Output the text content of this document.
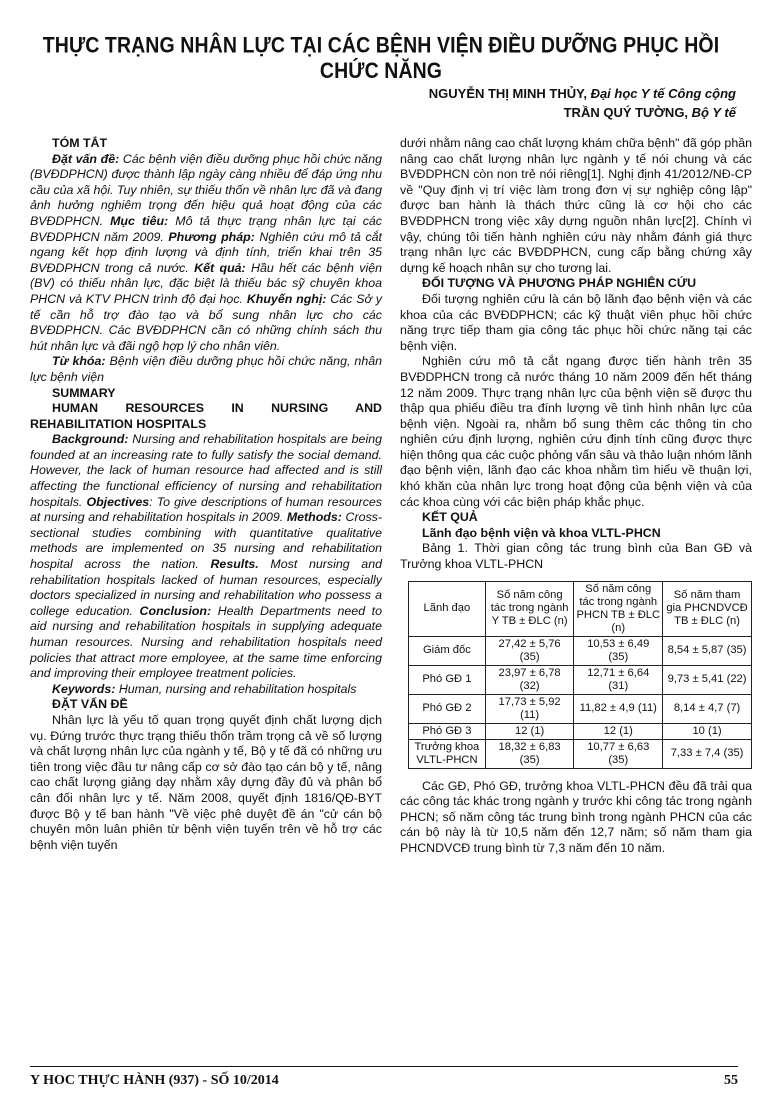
THỰC TRẠNG NHÂN LỰC TẠI CÁC BỆNH VIỆN ĐIỀU DƯỠNG PHỤC HỒI CHỨC NĂNG
NGUYỄN THỊ MINH THỦY, Đại học Y tế Công cộng
TRẦN QUÝ TƯỜNG, Bộ Y tế

TÓM TẮT

Đặt vấn đề: Các bệnh viện điều dưỡng phục hồi chức năng (BVĐDPHCN) được thành lập ngày càng nhiều để đáp ứng nhu cầu của xã hội. Tuy nhiên, sự thiếu thốn về nhân lực đã và đang ảnh hưởng nghiêm trọng đến hiệu quả hoạt động của các BVĐDPHCN. Mục tiêu: Mô tả thực trạng nhân lực tại các BVĐDPHCN năm 2009. Phương pháp: Nghiên cứu mô tả cắt ngang kết hợp định lượng và định tính, triển khai trên 35 BVĐDPHCN trong cả nước. Kết quả: Hầu hết các bệnh viện (BV) có thiếu nhân lực, đặc biệt là thiếu bác sỹ chuyên khoa PHCN và KTV PHCN trình độ đại học. Khuyến nghị: Các Sở y tế cần hỗ trợ đào tạo và bổ sung nhân lực cho các BVĐDPHCN. Các BVĐDPHCN cần có những chính sách thu hút nhân lực và đãi ngộ hợp lý cho nhân viên.

Từ khóa: Bệnh viện điều dưỡng phục hồi chức năng, nhân lực bệnh viện

SUMMARY

HUMAN RESOURCES IN NURSING AND REHABILITATION HOSPITALS

Background: Nursing and rehabilitation hospitals are being founded at an increasing rate to fully satisfy the social demand. However, the lack of human resource had affected and is still affecting the functional efficiency of nursing and rehabilitation hospitals. Objectives: To give descriptions of human resources at nursing and rehabilitation hospitals in 2009. Methods: Cross-sectional studies combining with quantitative qualitative methods are implemented on 35 nursing and rehabilitation hospital across the nation. Results. Most nursing and rehabilitation hospitals lacked of human resources, especially doctors specialized in nursing and rehabilitation who possess a college education. Conclusion: Health Departments need to aid nursing and rehabilitation hospitals in supplying adequate human resources. Nursing and rehabilitation hospitals need policies that attract more employee, at the same time enforcing and improving their employee treatment policies.

Keywords: Human, nursing and rehabilitation hospitals

ĐẶT VẤN ĐỀ

Nhân lực là yếu tố quan trọng quyết định chất lượng dịch vụ. Đứng trước thực trạng thiếu thốn trầm trọng cả về số lượng và chất lượng nhân lực của ngành y tế, Bộ y tế đã có những ưu tiên trong việc đầu tư nâng cấp cơ sở đào tạo cán bộ y tế, nâng cao chất lượng giảng dạy nhằm xây dựng đầy đủ và phân bổ cân đối nhân lực y tế. Năm 2008, quyết định 1816/QĐ-BYT được Bộ y tế ban hành "Về việc phê duyệt đề án "cử cán bộ chuyên môn luân phiên từ bệnh viện tuyến trên về hỗ trợ các bệnh viện tuyến

dưới nhằm nâng cao chất lượng khám chữa bệnh" đã góp phần nâng cao chất lượng nhân lực ngành y tế nói chung và các BVĐDPHCN còn non trẻ nói riêng[1]. Nghị định 41/2012/NĐ-CP về "Quy định vị trí việc làm trong đơn vị sự nghiệp công lập" được ban hành là thách thức cũng là cơ hội cho các BVĐDPHCN trong việc xây dựng nguồn nhân lực[2]. Chính vì vậy, chúng tôi tiến hành nghiên cứu này nhằm đánh giá thực trạng nhân lực các BVĐDPHCN, cung cấp bằng chứng xây dựng kế hoạch nhân sự cho tương lai.

ĐỐI TƯỢNG VÀ PHƯƠNG PHÁP NGHIÊN CỨU

Đối tượng nghiên cứu là cán bộ lãnh đạo bệnh viện và các khoa của các BVĐDPHCN; các kỹ thuật viên phục hồi chức năng trực tiếp tham gia công tác phục hồi chức năng tại các bệnh viện.

Nghiên cứu mô tả cắt ngang được tiến hành trên 35 BVĐDPHCN trong cả nước tháng 10 năm 2009 đến hết tháng 12 năm 2009. Thực trạng nhân lực của bệnh viện sẽ được thu thập qua phiếu điều tra đính lượng về tình hình nhân lực của bệnh viện. Ngoài ra, nhằm bổ sung thêm các thông tin cho nghiên cứu định lượng, nghiên cứu định tính cũng được thực hiện thông qua các cuộc phỏng vấn sâu và thảo luận nhóm lãnh đạo bệnh viện, lãnh đạo các khoa nhằm tìm hiểu về thuận lợi, khó khăn của nhân lực trong hoạt động của bệnh viện và của các khoa cùng với các biện pháp khắc phục.

KẾT QUẢ

Lãnh đạo bệnh viện và khoa VLTL-PHCN

Bảng 1. Thời gian công tác trung bình của Ban GĐ và Trưởng khoa VLTL-PHCN

Lãnh đạo	Số năm công tác trong ngành Y TB ± ĐLC (n)	Số năm công tác trong ngành PHCN TB ± ĐLC (n)	Số năm tham gia PHCNDVCĐ TB ± ĐLC (n)
Giám đốc	27,42 ± 5,76 (35)	10,53 ± 6,49 (35)	8,54 ± 5,87 (35)
Phó GĐ 1	23,97 ± 6,78 (32)	12,71 ± 6,64 (31)	9,73 ± 5,41 (22)
Phó GĐ 2	17,73 ± 5,92 (11)	11,82 ± 4,9 (11)	8,14 ± 4,7 (7)
Phó GĐ 3	12 (1)	12 (1)	10 (1)
Trưởng khoa VLTL-PHCN	18,32 ± 6,83 (35)	10,77 ± 6,63 (35)	7,33 ± 7,4 (35)

Các GĐ, Phó GĐ, trưởng khoa VLTL-PHCN đều đã trải qua các công tác khác trong ngành y trước khi công tác trong ngành PHCN; số năm công tác trung bình trong ngành PHCN của các cán bộ này là từ 10,5 năm đến 12,7 năm; số năm tham gia PHCNDVCĐ trung bình từ 7,3 năm đến 10 năm.

Y HOC THỰC HÀNH (937) - SỐ 10/2014	55
